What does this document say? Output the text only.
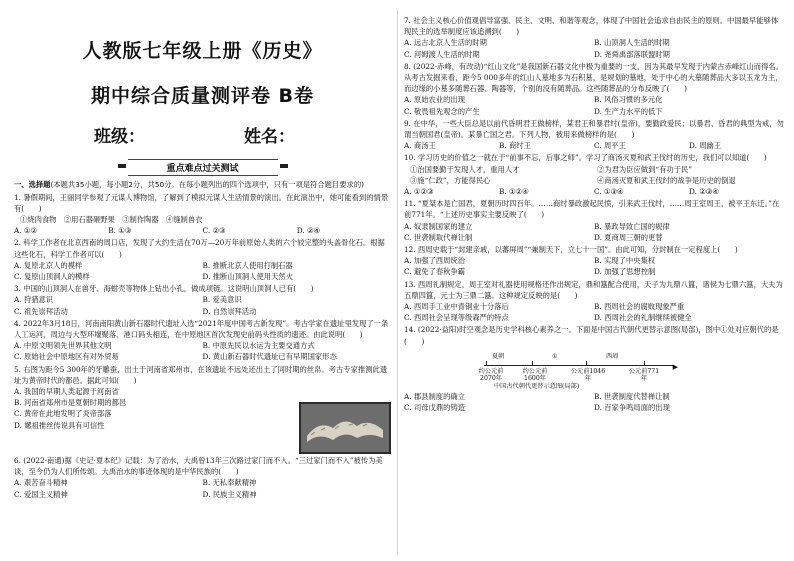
人教版七年级上册《历史》
期中综合质量测评卷 B卷
班级：	姓名：
重点难点过关测试
一、选择题(本题共35小题，每小题2分，共50分。在每小题列出的四个选项中，只有一项是符合题目要求的)
1. 暑假期间，王丽同学参观了元谋人博物馆，了解到了模拟元谋人生活情景的演出。在此演出中，她可能看到的情景有(　　)
①烧肉食物　②用石器砸野果　③制作陶器　④缝制兽衣
A. ①②	B. ①③	C. ②③	D. ②④
2. 科学工作者在北京西南的周口店，发现了大约生活在70万—20万年前原始人类的六个较完整的头盖骨化石。根据这些化石，科学工作者可以(　　)
A. 复原北京人的模样	B. 推断北京人使用打制石器
C. 复原山顶洞人的模样	D. 推断山顶洞人使用天然火
3. 中国的山顶洞人在兽牙、海蚶壳等物体上钻出小孔，做成项链。这说明山顶洞人已有(　　)
A. 狩猎意识	B. 爱美意识
C. 祖先崇拜活动	D. 自然崇拜活动
4. 2022年3月18日，河南南阳黄山新石器时代遗址入选“2021年度中国考古新发现”。考古学家在遗址里发现了一条人工运河，周边与大型环壕聚落、港口码头相连，在中原地区首次发现史前码头性质的遗迹。由此说明(　　)
A. 中原文明领先世界其他文明	B. 中原先民以水运为主要交通方式
C. 原始社会中原地区有对外贸易	D. 黄山新石器时代遗址已有早期国家形态
5. 右图为距今5 300年的牙雕蚕，出土于河南省郑州市，在该遗址不远处还出土了同时期的丝帛。考古专家推测此遗址为黄帝时代的都邑。据此可知(　　)
A. 我国的早期人类起源于河南省
B. 河南省郑州市是夏朝时期的都邑
C. 黄帝在此地发明了炎帝部落
D. 嫘祖推丝传说具有可信性
6. (2022·南通)据《史记·夏本纪》记载：为了治水，大禹曾13年三次路过家门而不入。“三过家门而不入”被传为美谈，至今仍为人们所传颂。大禹治水的事迹体现的是中华民族的(　　)
A. 艰苦奋斗精神	B. 无私奉献精神
C. 爱国主义精神	D. 民族主义精神
7. 社会主义核心价值观倡导富强、民主、文明、和谐等观念，体现了中国社会追求自由民主的原则。中国最早能够体现民主的选举制度应该追溯到(　　)
A. 远古北京人生活的时期	B. 山顶洞人生活的时期
C. 河姆渡人生活的时期	D. 尧舜禹部落联盟时期
8. (2022·赤峰，有改动)“红山文化”是我国新石器文化中极为重要的一支，因为其最早发现于内蒙古赤峰红山而得名。从考古发掘来看，距今5 000多年的红山人墓地多为石积墓，是规划的墓地，处于中心的大墓随葬品大多以玉龙为主，而边缘的小墓多随葬石器、陶器等，个别的没有随葬品。这些随葬品的分布反映了(　　)
A. 原始农业的出现	B. 风俗习惯的多元化
C. 敬畏祖先观念的产生	D. 生产力水平的低下
9. 在中华，一些大臣总是以前代昏明君王做榜样，某君王和暴君纣(皇帝)，要勤政爱民；以暴君、昏君的典型为戒，勿谓当朝国君(皇帝)。某暴亡国之君。下列人物，被用来做榜样的是(　　)
A. 商汤王	B. 商纣王	C. 周平王	D. 周幽王
10. 学习历史的价值之一就在于“前事不忘，后事之师”。学习了商汤灭夏和武王伐纣的历史，我们可以知道(　　)
①治国要勤于发现人才，重用人才	②为君为臣应做到“有功于民”
③施“仁政”，方能得民心	④商汤灭夏和武王伐纣的战争是历史的倒退
A. ①②③	B. ①②④	C. ①③④	D. ②③④
11. “夏桀本是亡国君，夏朝历时四百年。……商纣暴政激起民愤，引来武王伐纣，……周王室周王，被平王东迁。”在前771年。“上述历史事实主要反映了(　　)
A. 奴隶制国家的建立	B. 暴政导致亡国的规律
C. 世袭制取代禅让制	D. 夏商周三朝的更替
12. 西周史载于“封建亲戚，以蕃屏周”“兼制天下，立七十一国”。由此可知，分封制在一定程度上(　　)
A. 加强了西周统治	B. 实现了中央集权
C. 避免了春秋争霸	D. 加强了思想控制
13. 西周礼制规定，周王室对礼器使用规格还作出规定，鼎和簋配合使用，天子为九鼎八簋，诸侯为七鼎六簋，大夫为五鼎四簋，元士为三鼎二簋。这种规定反映的是(　　)
A. 西周手工业中青铜业十分落后	B. 西周社会的腐败现象严重
C. 西周社会呈现等级森严的特点	D. 西周社会的礼制继续被健全
14. (2022·益阳)时空观念是历史学科核心素养之一。下面是中国古代朝代更替示意图(局部)，图中①处对应朝代的是(　　)
夏朝	①	西周
▶
约公元前2070年
约公元前1600年
公元前1046年
公元前771年
中国古代朝代更替示意图(局部)
A. 郡县制度的确立	B. 世袭制度代替禅让制
C. 司母戊鼎的铸造	D. 百家争鸣局面的出现
